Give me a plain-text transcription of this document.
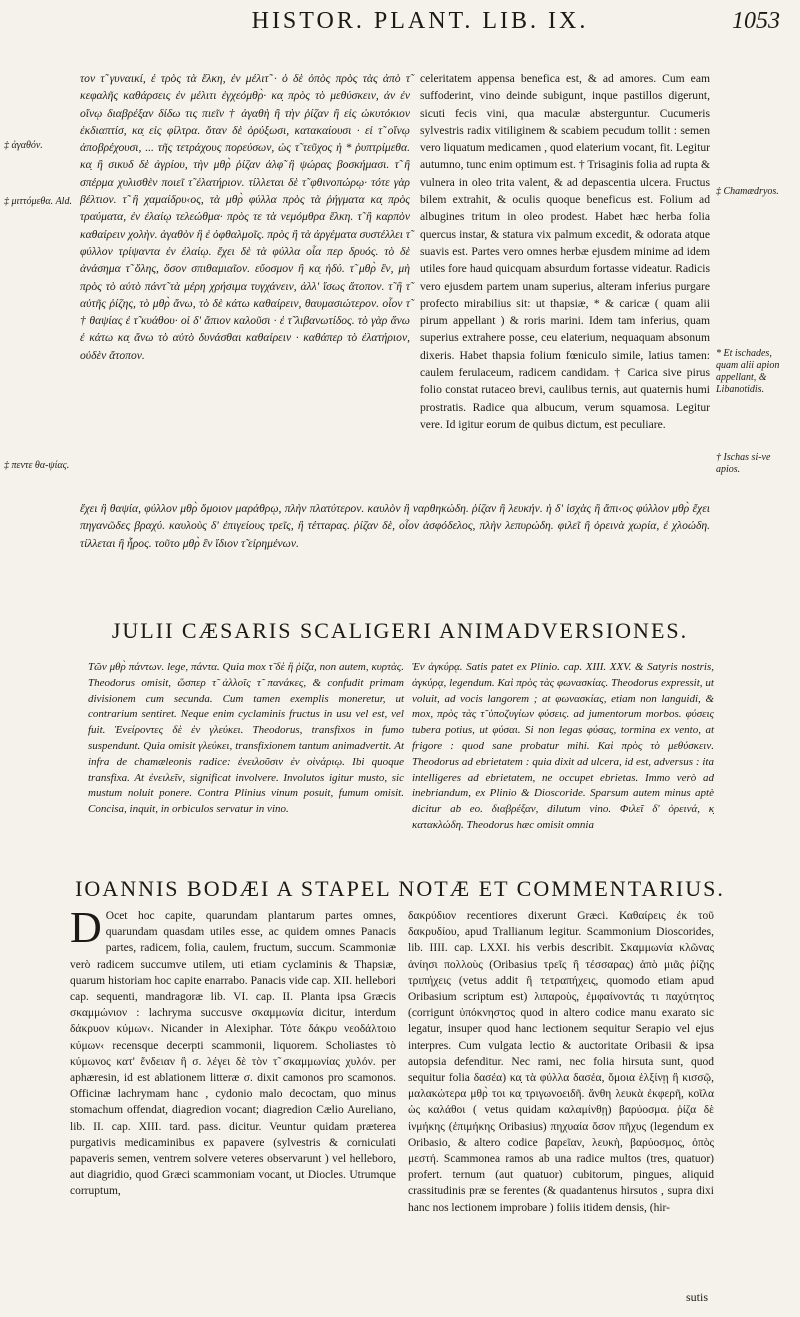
HISTOR. PLANT. LIB. IX.	1053
‡ ἀγαθόν.
‡ μιττόμεθα. Ald.
‡ πεντε θα-ψίας.
‡ Chamædryos.
* Et ischades, quam alii apion appellant, & Libanotidis.
† Ischas si-ve apios.

τον τ̃ γυναικί, ἐ τρὸς τὰ ἕλκη, ἐν μέλιτ̃ · ὁ δὲ ὀπὸς πρὸς τὰς ἀπὸ τ̃ κεφαλῆς καθάρσεις ἐν μέλιτι ἐγχεόμθρ̀· κα̣ πρὸς τὸ μεθύσκειν, ἀν ἐν οἴνῳ διαβρέξαν δίδω τις πιεῖν † ἀγαθὴ ἢ τὴν ῥίζαν ἢ εἰς ὠκυτόκιον ἐκδιαπτίσ, κα̣ εἰς φίλτρα. ὅταν δὲ ὀρύξωσι, κατακαίουσι · εἰ τ̃ οἴνῳ ἀποβρέχουσι, ... τῆς τετράχους πορεύσων, ὡς τ̃ τεῦχος ἡ * ῥυπτρίμεθα. κα̣ ἢ σικυδ δὲ ἀγρίου, τὴν μθρ̀ ῥίζαν ἀλφ̃ ἢ ψώρας βοσκήμασι. τ̃ ἢ σπέρμα χυλισθὲν ποιεῖ τ̃ ἐλατήριον. τίλλεται δὲ τ̃ φθινοπώρῳ· τότε γὰρ βέλτιον. τ̃ ἢ χαμαίδρυ‹ος, τὰ μθρ̀ φύλλα πρὸς τὰ ῥήγματα κα̣ πρὸς τραύματα, ἐν ἐλαίῳ τελεώθμα· πρὸς τε τὰ νεμόμθρα ἕλκη. τ̃ ἢ καρπὸν καθαίρειν χολὴν. ἀγαθὸν ἢ ἐ ὀφθαλμοῖς. πρὸς ἢ τὰ ἀργέματα συστέλλει τ̃ φύλλον τρίψαντα ἐν ἐλαίῳ. ἔχει δὲ τὰ φύλλα οἷα περ δρυός. τὸ δὲ ἀνάσημα τ̃ ὅλης, ὅσον σπιθαμιαῖον. εὔοσμον ἢ κα̣ ἡδύ. τ̃ μθρ̀ ἓν, μὴ πρὸς τὸ αὐτὸ πάντ̃ τὰ μέρη χρήσιμα τυγχάνειν, ἀλλ' ἴσως ἄτοπον. τ̃ ἢ τ̃ αὐτῆς ῥίζης, τὸ μθρ̀ ἄνω, τὸ δὲ κάτω καθαίρειν, θαυμασιώτερον. οἷον τ̃ † θαψίας ἐ τ̃ κυάθου· οἱ δ' ἄπιον καλοῦσι · ἐ τ̃ λιβανωτίδος. τὸ γὰρ ἄνω ἐ κάτω κα̣ ἄνω τὸ αὐτὸ δυνάσθαι καθαίρειν · καθάπερ τὸ ἐλατήριον, οὐδὲν ἄτοπον.

celeritatem appensa beneficа est, & ad amores. Cum eam suffoderint, vino deinde subigunt, inque pastillos digerunt, sicuti fecis vini, qua maculæ absterguntur. Cucumeris sylvestris radix vitiliginem & scabiem pecudum tollit : semen vero liquatum medicamen , quod elaterium vocant, fit. Legitur autumno, tunc enim optimum est. † Trisaginis folia ad rupta & vulnera in oleo trita valent, & ad depascentia ulcera. Fructus bilem extrahit, & oculis quoque beneficus est. Folium ad albugines tritum in oleo prodest. Habet hæc herba folia quercus instar, & statura vix palmum excedit, & odorata atque suavis est. Partes vero omnes herbæ ejusdem minime ad idem utiles fore haud quicquam absurdum fortasse videatur. Radicis vero ejusdem partem unam superius, alteram inferius purgare profecto mirabilius sit: ut thapsiæ, * & caricæ ( quam alii pirum appellant ) & roris marini. Idem tam inferius, quam superius extrahere posse, ceu elaterium, nequaquam absonum dixeris. Habet thapsia folium fœniculo simile, latius tamen: caulem ferulaceum, radicem candidam. † Carica sive pirus folio constat rutaceo brevi, caulibus ternis, aut quaternis humi prostratis. Radice qua albucum, verum squamosa. Legitur vere. Id igitur eorum de quibus dictum, est peculiare.

ἔχει ἢ θαψία, φύλλον μθρ̀ ὅμοιον μαράθρῳ, πλὴν πλατύτερον. καυλὸν ἢ ναρθηκώδη. ῥίζαν ἢ λευκήν. ἡ δ' ἰσχὰς ἢ ἄπι‹ος φύλλον μθρ̀ ἔχει πηγανῶδες βραχύ. καυλοὺς δ' ἐπιγείους τρεῖς, ἢ τέτταρας. ῥίζαν δὲ, οἷον ἀσφόδελος, πλὴν λεπυρώδη. φιλεῖ ἢ ὀρεινὰ χωρία, ἐ χλοώδη. τίλλεται ἢ ἦρος. τοῦτο μθρ̀ ἓν ἴδιον τ̃ εἰρημένων.

JULII CÆSARIS SCALIGERI ANIMADVERSIONES.

Τῶν μθρ̀ πάντων. lege, πάντα. Quia mox τ̃ δὲ ἢ ῥίζα, non autem, κυρτὰς. Theodorus omisit, ὥσπερ τ̃ ἀλλοῖς τ̃ πανάκες, & confudit primam divisionem cum secunda. Cum tamen exemplis moneretur, ut contrarium sentiret. Neque enim cyclaminis fructus in usu vel est, vel fuit. Ἐνείροντες δὲ ἐν γλεύκει. Theodorus, transfixos in fumo suspendunt. Quia omisit γλεύκει, transfixionem tantum animadvertit. At infra de chamæleonis radice: ἐνειλοῦσιν ἐν οἰνάριῳ. Ibi quoque transfixa. At ἐνειλεῖν, significat involvere. Involutos igitur musto, sic mustum noluit ponere. Contra Plinius vinum posuit, fumum omisit. Concisa, inquit, in orbiculos servatur in vino.

Ἐν ἀγκύρᾳ. Satis patet ex Plinio. cap. XIII. XXV. & Satyris nostris, ἀγκύρᾳ, legendum. Καὶ πρὸς τὰς φωνασκίας. Theodorus expressit, ut voluit, ad vocis langorem ; at φωνασκίας, etiam non languidi, & mox, πρὸς τὰς τ̃ ὑποζυγίων φύσεις. ad jumentorum morbos. φύσεις tubera potius, ut φύσαι. Si non legas φύσας, tormina ex vento, at frigore : quod sane probatur mihi. Καὶ πρὸς τὸ μεθύσκειν. Theodorus ad ebrietatem : quia dixit ad ulcera, id est, adversus : ita intelligeres ad ebrietatem, ne occupet ebrietas. Immo verò ad inebriandum, ex Plinio & Dioscoride. Sparsum autem minus aptè dicitur ab eo. διαβρέξαν, dilutum vino. Φιλεῖ δ' ὀρεινά, κ̣ κατακλώδη. Theodorus hæc omisit omnia

IOANNIS BODÆI A STAPEL NOTÆ ET COMMENTARIUS.
D Ocet hoc capite, quarundam plantarum partes omnes, quarundam quasdam utiles esse, ac quidem omnes Panacis partes, radicem, folia, caulem, fructum, succum. Scammoniæ verò radicem succumve utilem, uti etiam cyclaminis & Thapsiæ, quarum historiam hoc capite enarrabo. Panacis vide cap. XII. hellebori cap. sequenti, mandragoræ lib. VI. cap. II. Planta ipsa Græcis σκαμμώνιον : lachryma succusve σκαμμωνία dicitur, interdum δάκρυον κύμων‹. Nicander in Alexiphar. Τότε δάκρυ νεοδάλτοιο κύμων‹ recensque decerpti scammonii, liquorem. Scholiastes τὸ κύμωνος κατ' ἔνδειαν ἢ σ. λέγει δὲ τὸν τ̃ σκαμμωνίας χυλόν. per aphæresin, id est ablationem litteræ σ. dixit camonos pro scamonos. Officinæ lachrymam hanc , cydonio malo decoctam, quo minus stomachum offendat, diagredion vocant; diagredion Cælio Aureliano, lib. II. cap. XIII. tard. pass. dicitur. Veuntur quidam præterea purgativis medicaminibus ex papavere (sylvestris & corniculati papaveris semen, ventrem solvere veteres observarunt ) vel helleboro, aut diagridio, quod Græci scammoniam vocant, ut Diocles. Utrumque corruptum,

δακρύδιον recentiores dixerunt Græci. Καθαίρεις ἐκ τοῦ δακρυδίου, apud Trallianum legitur. Scammonium Dioscorides, lib. IIII. cap. LXXI. his verbis describit. Σκαμμωνία κλῶνας ἀνίησι πολλοὺς (Oribasius τρεῖς ἢ τέσσαρας) ἀπὸ μιᾶς ῥίζης τριπήχεις (vetus addit ἢ τετραπήχεις, quomodo etiam apud Oribasium scriptum est) λιπαροὺς, ἐμφαίνοντάς τι παχύτητος (corrigunt ὑπόκνηστος quod in altero codice manu exarato sic legatur, insuper quod hanc lectionem sequitur Serapio vel ejus interpres. Cum vulgata lectio & auctoritate Oribasii & ipsa autopsia defenditur. Nec rami, nec folia hirsuta sunt, quod sequitur folia δασέα) κα̣ τὰ φύλλα δασέα, ὅμοια ἑλξίνῃ ἢ κισσῷ, μαλακώτερα μθρ̀ τοι κα̣ τριγωνοειδῆ. ἄνθη λευκὰ ἐκφερῆ, κοῖλα ὡς καλάθοι ( vetus quidam καλαμίνθῃ) βαρύοσμα. ῥίζα δὲ ἰνμήκης (ἐπιμήκης Oribasius) πηχυαία ὅσον πῆχυς (legendum ex Oribasio, & altero codice βαρεῖαν, λευκὴ, βαρύοσμος, ὀπὸς μεστή. Scammonea ramos ab una radice multos (tres, quatuor) profert. ternum (aut quatuor) cubitorum, pingues, aliquid crassitudinis præ se ferentes (& quadantenus hirsutos , supra dixi hanc nos lectionem improbare ) foliis itidem densis, (hir-

sutis
